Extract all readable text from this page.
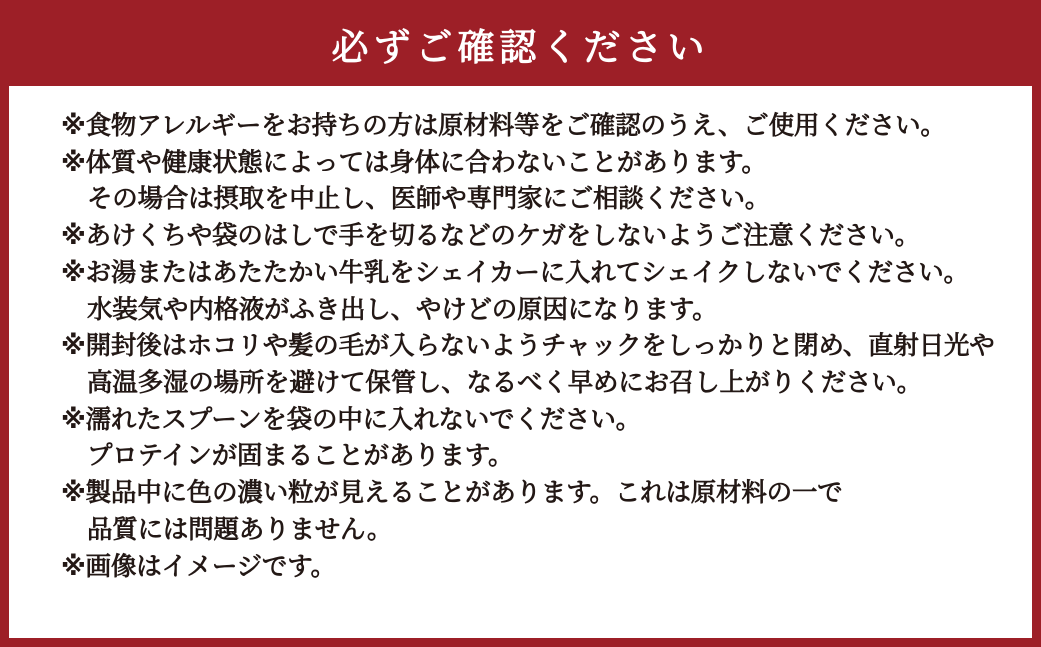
必ずご確認ください
※食物アレルギーをお持ちの方は原材料等をご確認のうえ、ご使用ください。
※体質や健康状態によっては身体に合わないことがあります。
その場合は摂取を中止し、医師や専門家にご相談ください。
※あけくちや袋のはしで手を切るなどのケガをしないようご注意ください。
※お湯またはあたたかい牛乳をシェイカーに入れてシェイクしないでください。
水装気や内格液がふき出し、やけどの原因になります。
※開封後はホコリや髪の毛が入らないようチャックをしっかりと閉め、直射日光や
高温多湿の場所を避けて保管し、なるべく早めにお召し上がりください。
※濡れたスプーンを袋の中に入れないでください。
プロテインが固まることがあります。
※製品中に色の濃い粒が見えることがあります。これは原材料の一で
品質には問題ありません。
※画像はイメージです。
